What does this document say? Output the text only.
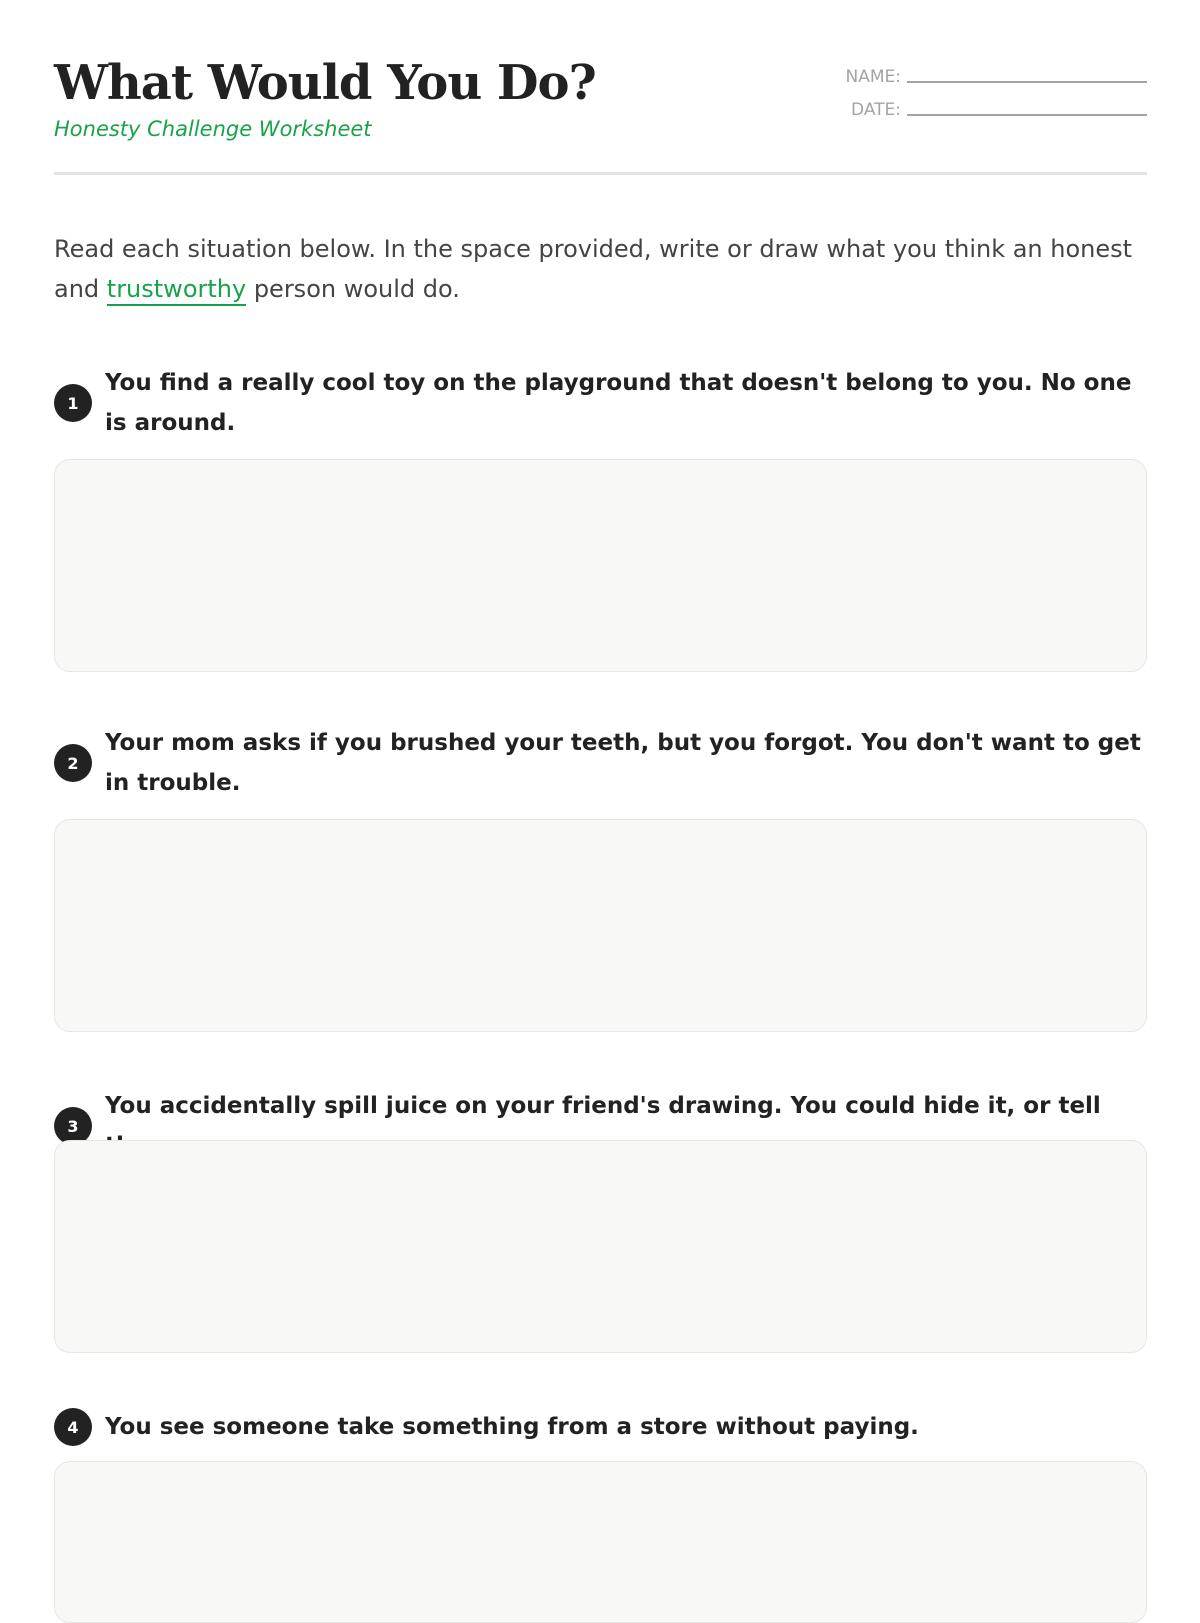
What Would You Do?
Honesty Challenge Worksheet
NAME:
DATE:

Read each situation below. In the space provided, write or draw what you think an honest and trustworthy person would do.

1

You find a really cool toy on the playground that doesn't belong to you. No one is around.

2

Your mom asks if you brushed your teeth, but you forgot. You don't want to get in trouble.

3

You accidentally spill juice on your friend's drawing. You could hide it, or tell

4	You see someone take something from a store without paying.
